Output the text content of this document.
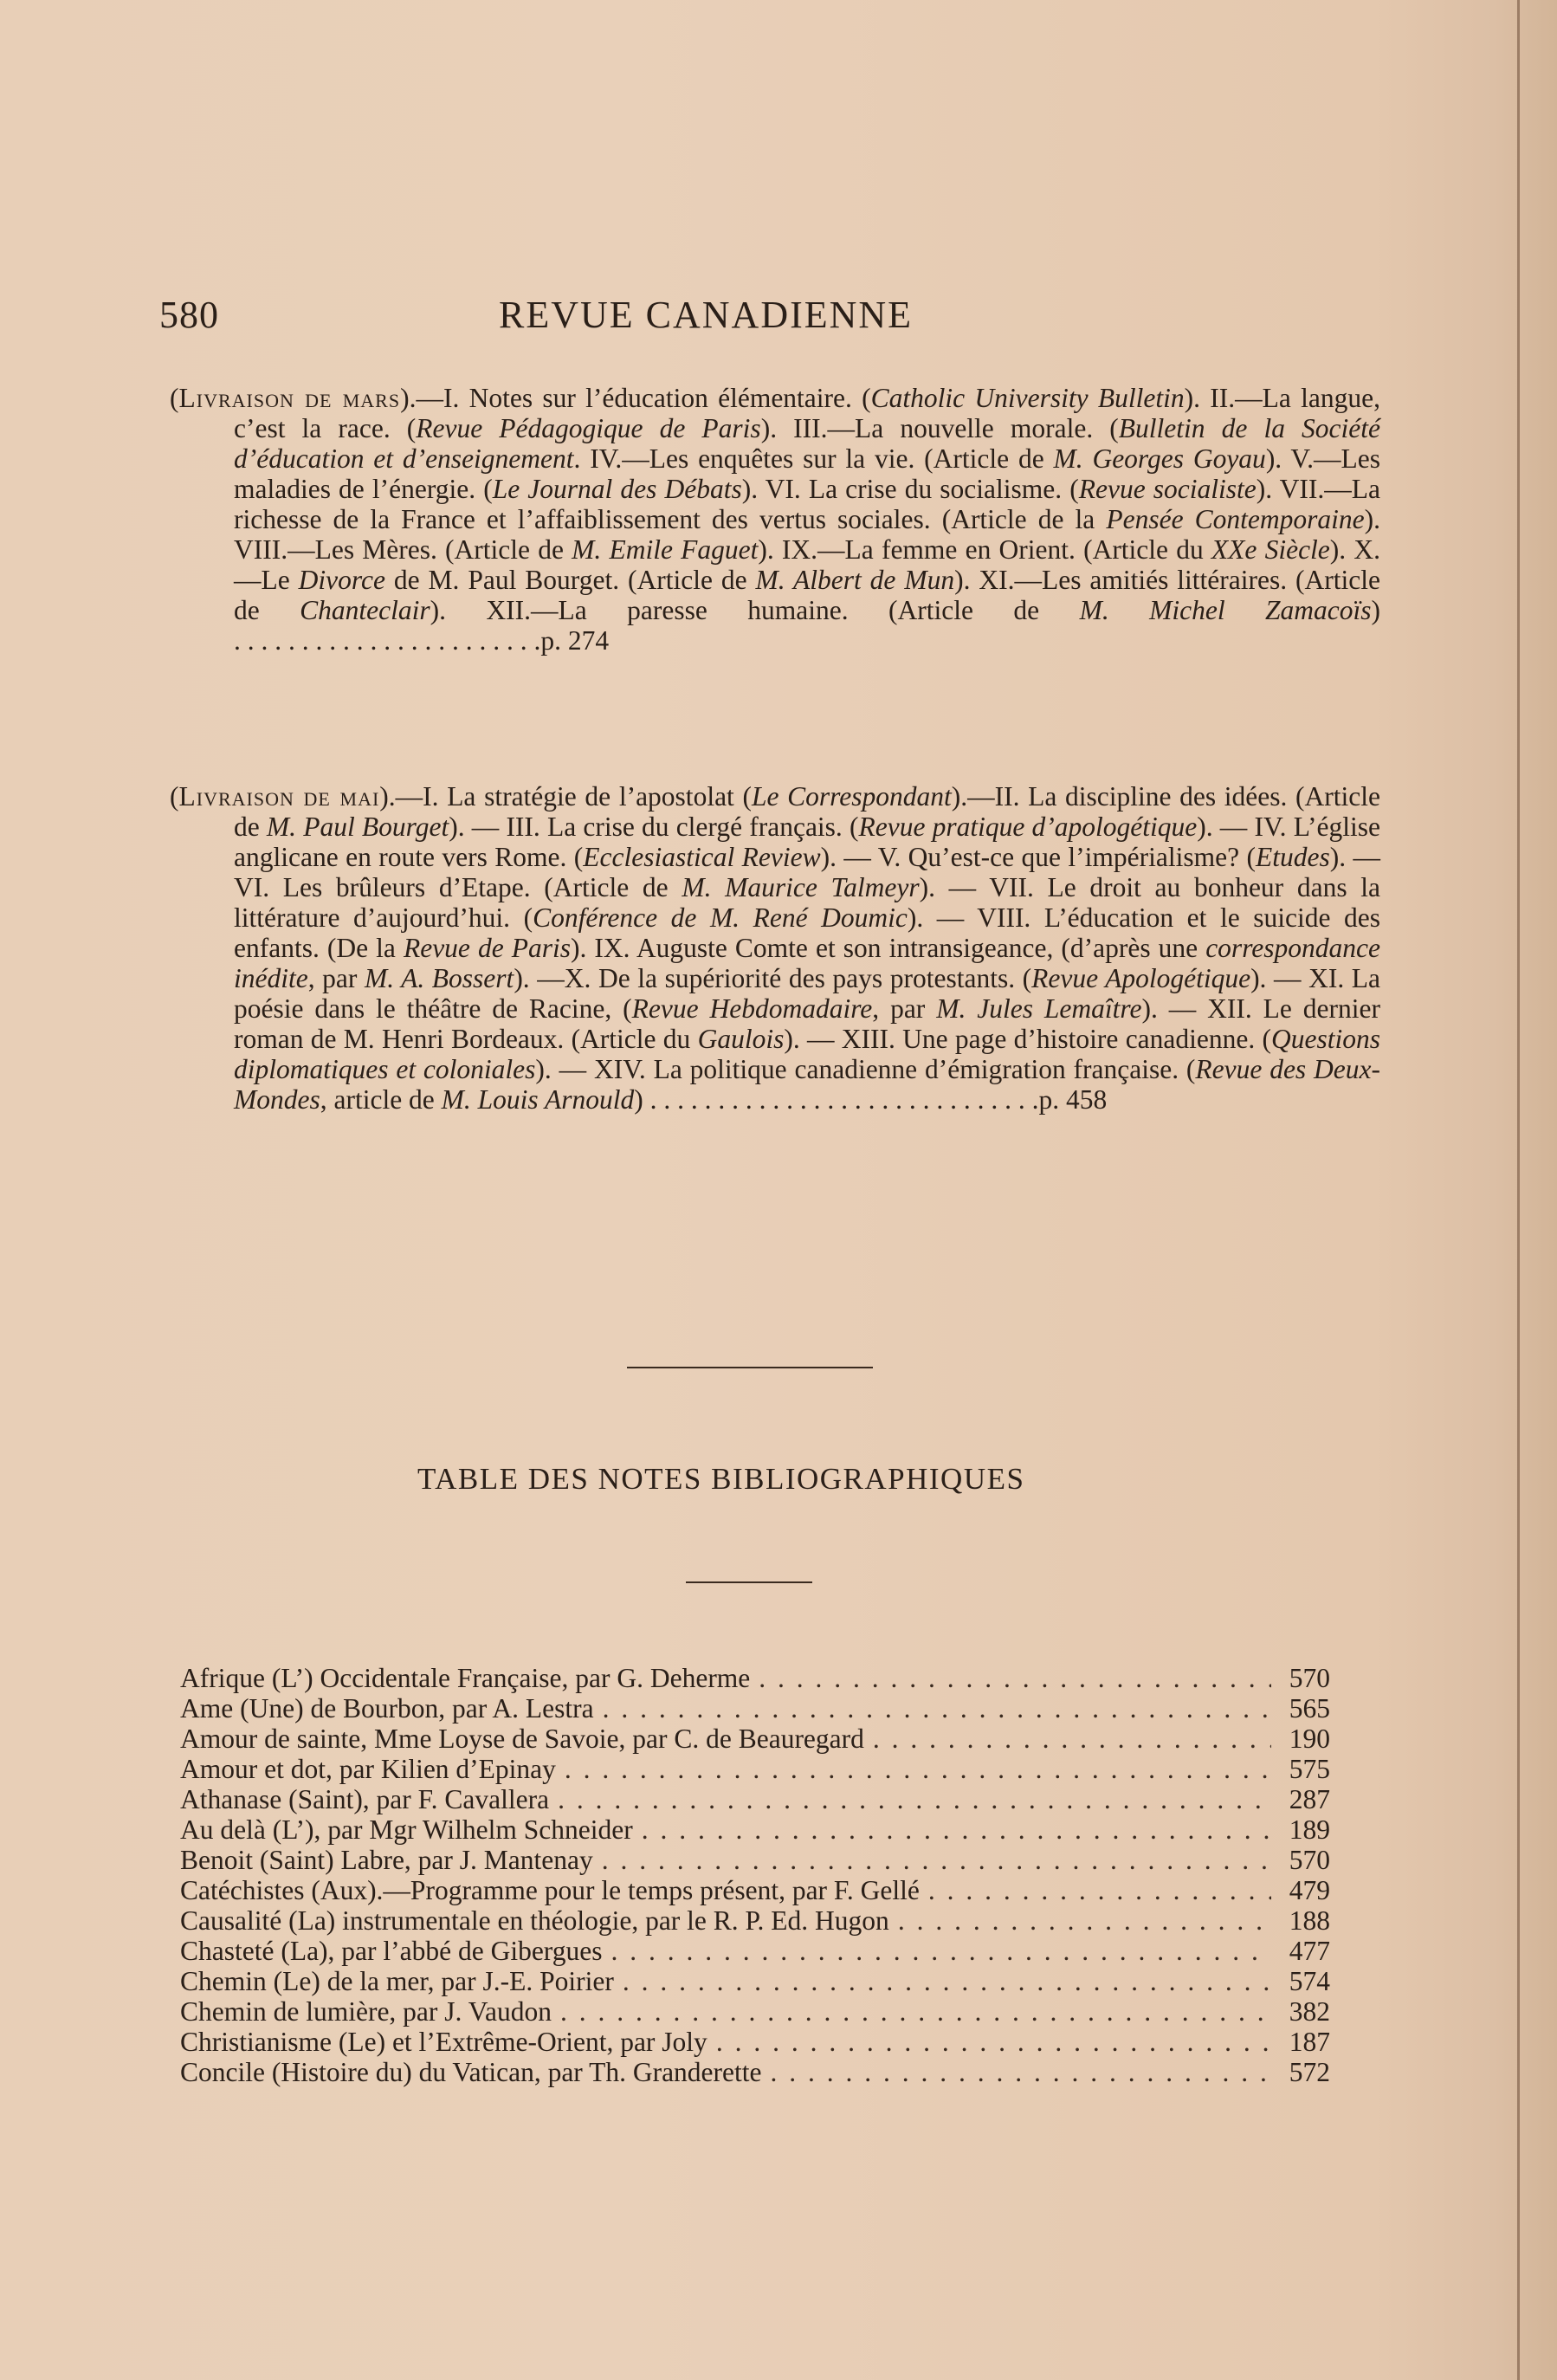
580	REVUE CANADIENNE
(Livraison de mars).—I. Notes sur l’éducation élémentaire. (Catholic University Bulletin). II.—La langue, c’est la race. (Revue Pédagogique de Paris). III.—La nouvelle morale. (Bulletin de la Société d’éducation et d’enseignement. IV.—Les enquêtes sur la vie. (Article de M. Georges Goyau). V.—Les maladies de l’énergie. (Le Journal des Débats). VI. La crise du socialisme. (Revue socialiste). VII.—La richesse de la France et l’affaiblissement des vertus sociales. (Article de la Pensée Contemporaine). VIII.—Les Mères. (Article de M. Emile Faguet). IX.—La femme en Orient. (Article du XXe Siècle). X.—Le Divorce de M. Paul Bourget. (Article de M. Albert de Mun). XI.—Les amitiés littéraires. (Article de Chanteclair). XII.—La paresse humaine. (Article de M. Michel Zamacoïs) . . . . . . . . . . . . . . . . . . . . . . .p. 274
(Livraison de mai).—I. La stratégie de l’apostolat (Le Correspondant).—II. La discipline des idées. (Article de M. Paul Bourget). — III. La crise du clergé français. (Revue pratique d’apologétique). — IV. L’église anglicane en route vers Rome. (Ecclesiastical Review). — V. Qu’est-ce que l’impérialisme? (Etudes). — VI. Les brûleurs d’Etape. (Article de M. Maurice Talmeyr). — VII. Le droit au bonheur dans la littérature d’aujourd’hui. (Conférence de M. René Doumic). — VIII. L’éducation et le suicide des enfants. (De la Revue de Paris). IX. Auguste Comte et son intransigeance, (d’après une correspondance inédite, par M. A. Bossert). —X. De la supériorité des pays protestants. (Revue Apologétique). — XI. La poésie dans le théâtre de Racine, (Revue Hebdomadaire, par M. Jules Lemaître). — XII. Le dernier roman de M. Henri Bordeaux. (Article du Gaulois). — XIII. Une page d’histoire canadienne. (Questions diplomatiques et coloniales). — XIV. La politique canadienne d’émigration française. (Revue des Deux-Mondes, article de M. Louis Arnould) . . . . . . . . . . . . . . . . . . . . . . . . . . . . .p. 458
TABLE DES NOTES BIBLIOGRAPHIQUES
Afrique (L’) Occidentale Française, par G. Deherme . . .	570
Ame (Une) de Bourbon, par A. Lestra . . .	565
Amour de sainte, Mme Loyse de Savoie, par C. de Beauregard . . .	190
Amour et dot, par Kilien d’Epinay . . .	575
Athanase (Saint), par F. Cavallera . . .	287
Au delà (L’), par Mgr Wilhelm Schneider . . .	189
Benoit (Saint) Labre, par J. Mantenay . . .	570
Catéchistes (Aux).—Programme pour le temps présent, par F. Gellé . . .	479
Causalité (La) instrumentale en théologie, par le R. P. Ed. Hugon . . .	188
Chasteté (La), par l’abbé de Gibergues . . .	477
Chemin (Le) de la mer, par J.-E. Poirier . . .	574
Chemin de lumière, par J. Vaudon . . .	382
Christianisme (Le) et l’Extrême-Orient, par Joly . . .	187
Concile (Histoire du) du Vatican, par Th. Granderette . . .	572
